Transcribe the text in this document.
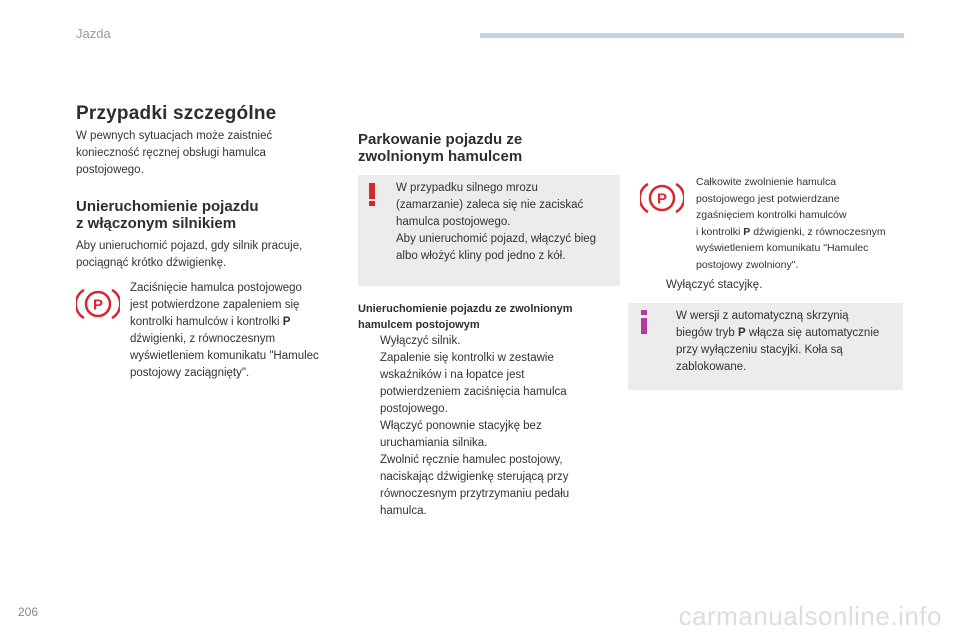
Jazda
Przypadki szczególne
W pewnych sytuacjach może zaistnieć
konieczność ręcznej obsługi hamulca
postojowego.
Unieruchomienie pojazdu
z włączonym silnikiem
Aby unieruchomić pojazd, gdy silnik pracuje,
pociągnąć krótko dźwigienkę.
P
Zaciśnięcie hamulca postojowego
jest potwierdzone zapaleniem się
kontrolki hamulców i kontrolki P
dźwigienki, z równoczesnym
wyświetleniem komunikatu "Hamulec
postojowy zaciągnięty".
Parkowanie pojazdu ze
zwolnionym hamulcem
W przypadku silnego mrozu
(zamarzanie) zaleca się nie zaciskać
hamulca postojowego.
Aby unieruchomić pojazd, włączyć bieg
albo włożyć kliny pod jedno z kół.
Unieruchomienie pojazdu ze zwolnionym
hamulcem postojowym
Wyłączyć silnik.
Zapalenie się kontrolki w zestawie
wskaźników i na łopatce jest
potwierdzeniem zaciśnięcia hamulca
postojowego.
Włączyć ponownie stacyjkę bez
uruchamiania silnika.
Zwolnić ręcznie hamulec postojowy,
naciskając dźwigienkę sterującą przy
równoczesnym przytrzymaniu pedału
hamulca.
P
Całkowite zwolnienie hamulca
postojowego jest potwierdzane
zgaśnięciem kontrolki hamulców
i kontrolki P dźwigienki, z równoczesnym
wyświetleniem komunikatu "Hamulec
postojowy zwolniony".
Wyłączyć stacyjkę.
W wersji z automatyczną skrzynią
biegów tryb P włącza się automatycznie
przy wyłączeniu stacyjki. Koła są
zablokowane.
206	carmanualsonline.info
